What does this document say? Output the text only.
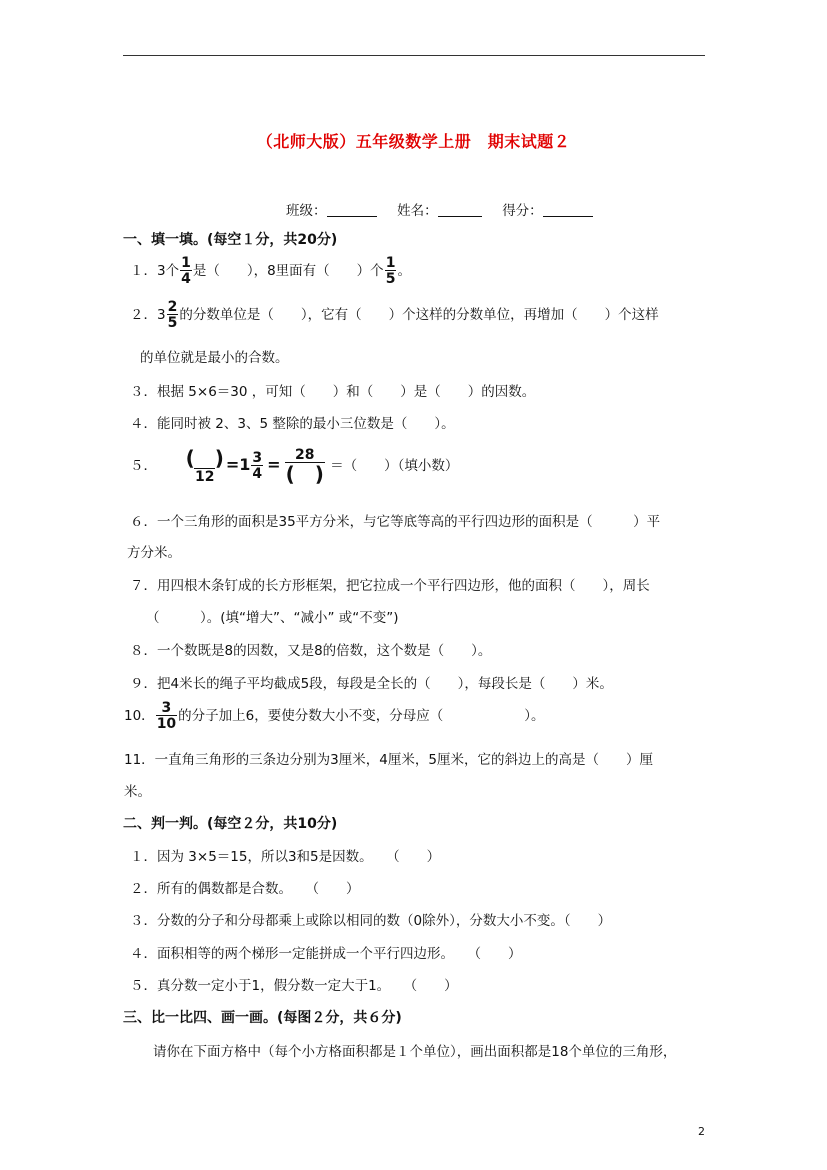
（北师大版）五年级数学上册　期末试题２
班级：	姓名：	得分：
一、填一填。(每空１分，共20分)
１．3个 $\frac{1}{4}$ 是（　　），8里面有（　　）个 $\frac{1}{5}$ 。
２．$3 \frac{2}{5}$ 的分数单位是（　　），它有（　　）个这样的分数单位，再增加（　　）个这样
的单位就是最小的合数。
３．根据 5×6＝30 ，可知（　　）和（　　）是（　　）的因数。
４．能同时被 2、3、5 整除的最小三位数是（　　）。
５． $\frac{( )}{12} =1 \frac{3}{4} = \frac{28}{( )}$ ＝（　　）（填小数）
６．一个三角形的面积是35平方分米，与它等底等高的平行四边形的面积是（　　　）平
方分米。
７．用四根木条钉成的长方形框架，把它拉成一个平行四边形，他的面积（　　），周长
（　　　）。(填“增大”、“减小” 或“不变”)
８．一个数既是8的因数，又是8的倍数，这个数是（　　）。
９．把4米长的绳子平均截成5段，每段是全长的（　　），每段长是（　　）米。
10． $\frac{3}{10}$ 的分子加上6，要使分数大小不变，分母应（　　　　　　）。
11．一直角三角形的三条边分别为3厘米，4厘米，5厘米，它的斜边上的高是（　　）厘
米。
二、判一判。(每空２分，共10分)
１．因为 3×5＝15，所以3和5是因数。　　（　　）
２．所有的偶数都是合数。　　（　　）
３．分数的分子和分母都乘上或除以相同的数（0除外），分数大小不变。（　　）
４．面积相等的两个梯形一定能拼成一个平行四边形。　　（　　）
５．真分数一定小于1，假分数一定大于1。　　（　　）
三、比一比四、画一画。(每图２分，共６分)
请你在下面方格中（每个小方格面积都是１个单位），画出面积都是18个单位的三角形，
2
